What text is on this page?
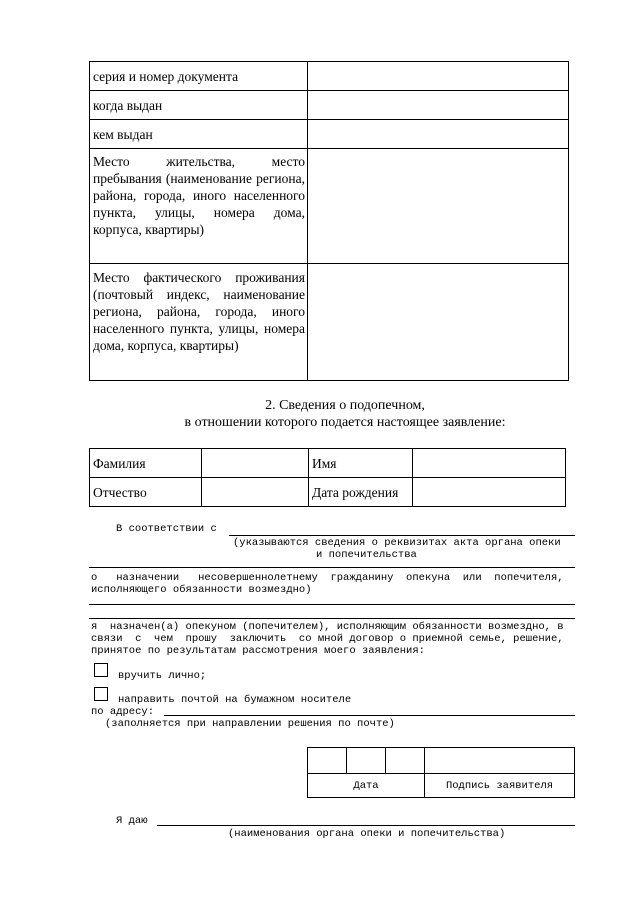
серия и номер документа	
когда выдан	
кем выдан	
Место жительства, место пребывания (наименование региона, района, города, иного населенного пункта, улицы, номера дома, корпуса, квартиры)	
Место фактического проживания (почтовый индекс, наименование региона, района, города, иного населенного пункта, улицы, номера дома, корпуса, квартиры)	
2. Сведения о подопечном,
в отношении которого подается настоящее заявление:
Фамилия		Имя	
Отчество		Дата рождения	
В соответствии с
(указываются сведения о реквизитах акта органа опеки
и попечительства
о   назначении   несовершеннолетнему  гражданину  опекуна  или  попечителя,
исполняющего обязанности возмездно)
я  назначен(а) опекуном (попечителем), исполняющим обязанности возмездно, в
связи  с  чем  прошу  заключить  со мной договор о приемной семье, решение,
принятое по результатам рассмотрения моего заявления:
вручить лично;
направить почтой на бумажном носителе
по адресу:
(заполняется при направлении решения по почте)

Дата			Подпись заявителя
Я даю
(наименования органа опеки и попечительства)
